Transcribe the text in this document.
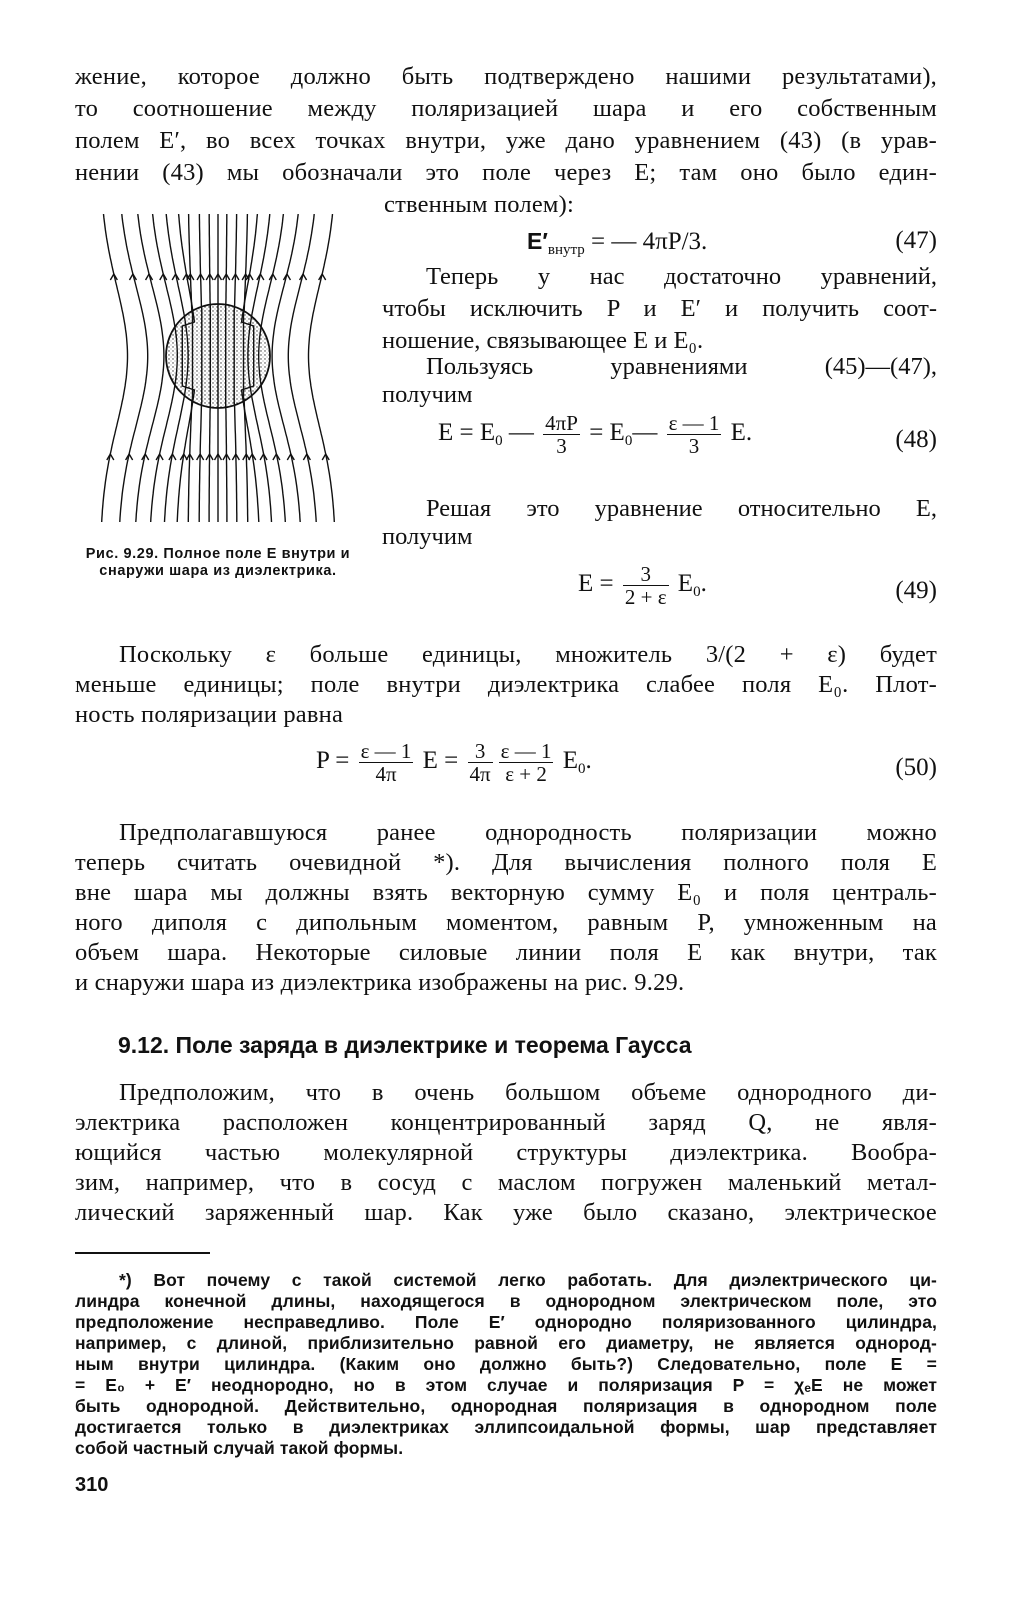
жение, которое должно быть подтверждено нашими результатами),
то соотношение между поляризацией шара и его собственным
полем E′, во всех точках внутри, уже дано уравнением (43) (в урав-
нении (43) мы обозначали это поле через E; там оно было един-
ственным полем):
Рис. 9.29. Полное поле E внутри и снаружи шара из диэлектрика.
$E'_{внутр}$ = — 4πP/3.	(47)
Теперь у нас достаточно уравнений,
чтобы исключить P и E′ и получить соот-
ношение, связывающее E и E₀.
Пользуясь уравнениями (45)—(47),
получим
$E = E_0$ — $\frac{4\pi P}{3}$ = $E_0— \frac{\varepsilon — 1}{3} E$.	(48)
Решая это уравнение относительно E,
получим
$E = \frac{3}{2 + \varepsilon} E_0$.	(49)
Поскольку ε больше единицы, множитель 3/(2 + ε) будет
меньше единицы; поле внутри диэлектрика слабее поля E₀. Плот-
ность поляризации равна
$P = \frac{\varepsilon — 1}{4\pi}$ $E = \frac{3}{4\pi} \frac{\varepsilon — 1}{\varepsilon + 2} E_0$.	(50)
Предполагавшуюся ранее однородность поляризации можно
теперь считать очевидной *). Для вычисления полного поля E
вне шара мы должны взять векторную сумму E₀ и поля централь-
ного диполя с дипольным моментом, равным P, умноженным на
объем шара. Некоторые силовые линии поля E как внутри, так
и снаружи шара из диэлектрика изображены на рис. 9.29.
9.12. Поле заряда в диэлектрике и теорема Гаусса
Предположим, что в очень большом объеме однородного ди-
электрика расположен концентрированный заряд Q, не явля-
ющийся частью молекулярной структуры диэлектрика. Вообра-
зим, например, что в сосуд с маслом погружен маленький метал-
лический заряженный шар. Как уже было сказано, электрическое
*) Вот почему с такой системой легко работать. Для диэлектрического ци-
линдра конечной длины, находящегося в однородном электрическом поле, это
предположение несправедливо. Поле E′ однородно поляризованного цилиндра,
например, с длиной, приблизительно равной его диаметру, не является однород-
ным внутри цилиндра. (Каким оно должно быть?) Следовательно, поле E =
= E₀ + E′ неоднородно, но в этом случае и поляризация P = χₑE не может
быть однородной. Действительно, однородная поляризация в однородном поле
достигается только в диэлектриках эллипсоидальной формы, шар представляет
собой частный случай такой формы.
310
